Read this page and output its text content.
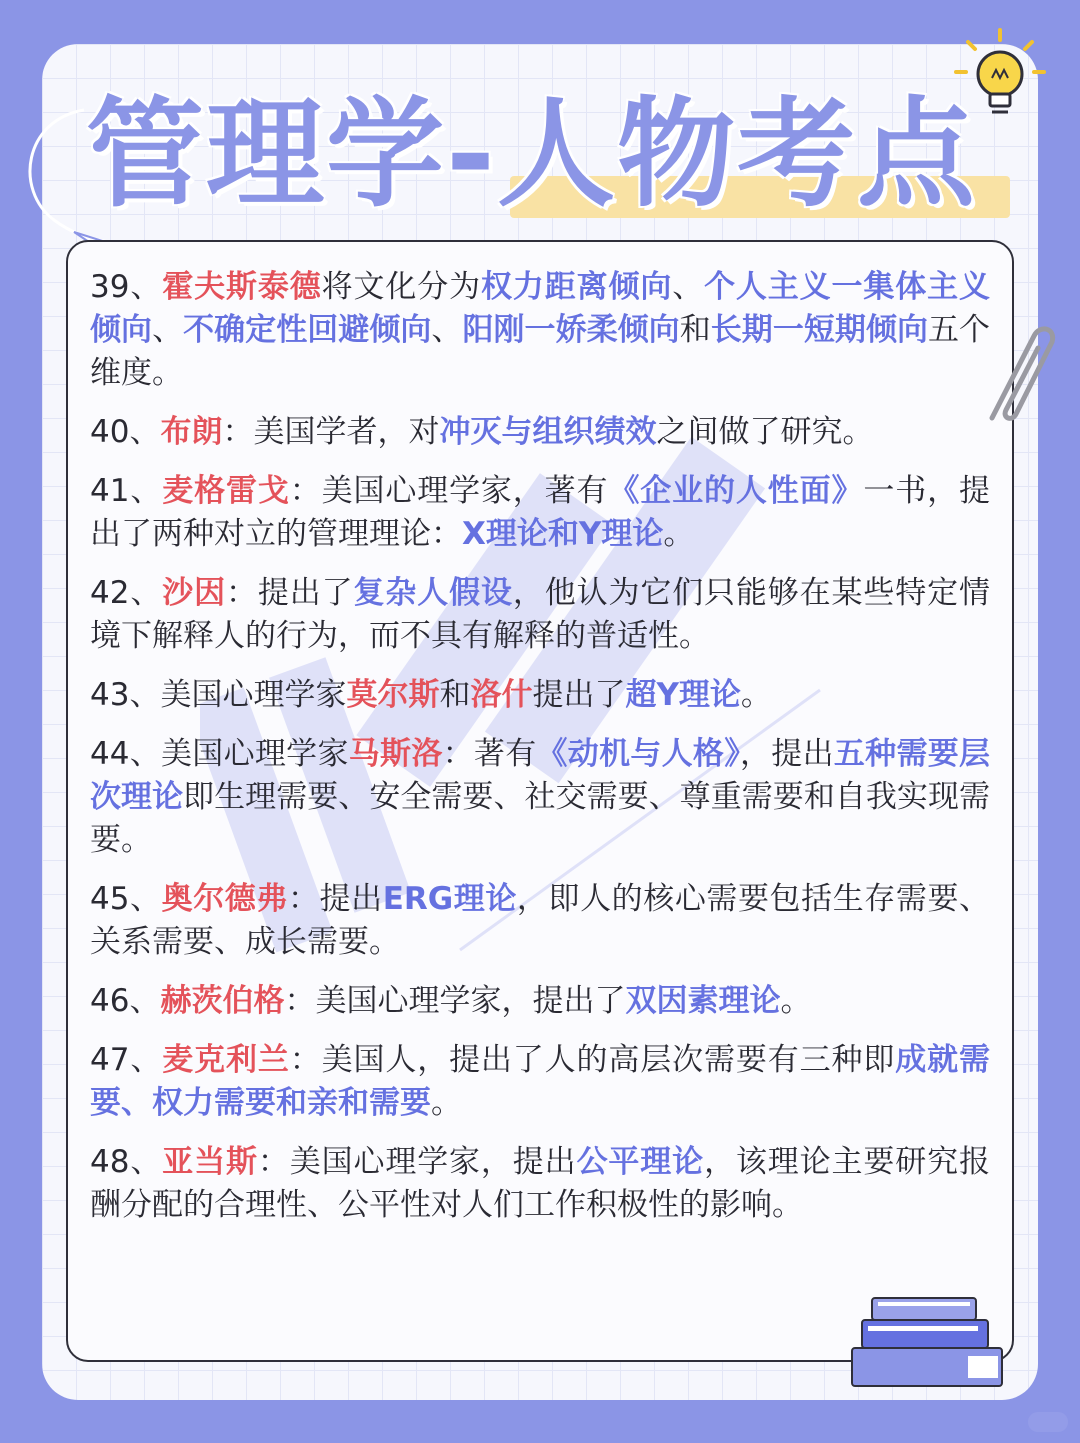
管理学-人物考点

39、霍夫斯泰德将文化分为权力距离倾向、个人主义一集体主义倾向、不确定性回避倾向、阳刚一娇柔倾向和长期一短期倾向五个维度。

40、布朗：美国学者，对冲灭与组织绩效之间做了研究。

41、麦格雷戈：美国心理学家，著有《企业的人性面》一书，提出了两种对立的管理理论：X理论和Y理论。

42、沙因：提出了复杂人假设，他认为它们只能够在某些特定情境下解释人的行为，而不具有解释的普适性。

43、美国心理学家莫尔斯和洛什提出了超Y理论。

44、美国心理学家马斯洛：著有《动机与人格》，提出五种需要层次理论即生理需要、安全需要、社交需要、尊重需要和自我实现需要。

45、奥尔德弗：提出ERG理论，即人的核心需要包括生存需要、关系需要、成长需要。

46、赫茨伯格：美国心理学家，提出了双因素理论。

47、麦克利兰：美国人，提出了人的高层次需要有三种即成就需要、权力需要和亲和需要。

48、亚当斯：美国心理学家，提出公平理论，该理论主要研究报酬分配的合理性、公平性对人们工作积极性的影响。
